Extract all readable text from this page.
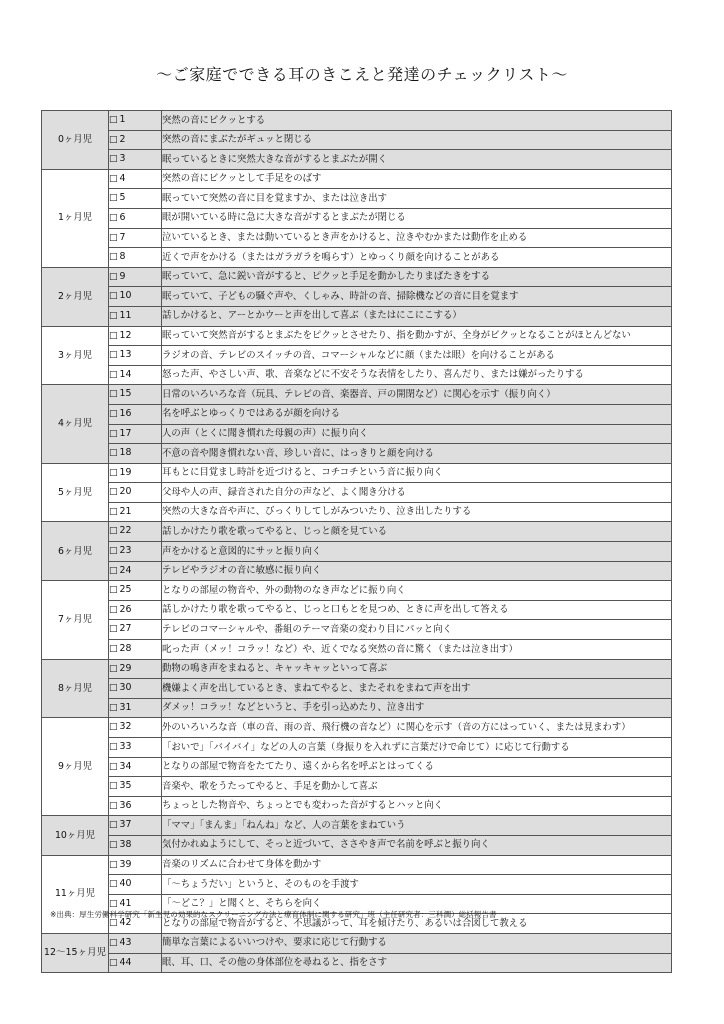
～ご家庭でできる耳のきこえと発達のチェックリスト～
0ヶ月児	□ 1	突然の音にビクッとする
	□ 2	突然の音にまぶたがギュッと閉じる
	□ 3	眠っているときに突然大きな音がするとまぶたが開く
1ヶ月児	□ 4	突然の音にビクッとして手足をのばす
	□ 5	眠っていて突然の音に目を覚ますか、または泣き出す
	□ 6	眼が開いている時に急に大きな音がするとまぶたが閉じる
	□ 7	泣いているとき、または動いているとき声をかけると、泣きやむかまたは動作を止める
	□ 8	近くで声をかける（またはガラガラを鳴らす）とゆっくり顔を向けることがある
2ヶ月児	□ 9	眠っていて、急に鋭い音がすると、ピクッと手足を動かしたりまばたきをする
	□ 10	眠っていて、子どもの騒ぐ声や、くしゃみ、時計の音、掃除機などの音に目を覚ます
	□ 11	話しかけると、アーとかウーと声を出して喜ぶ（またはにこにこする）
3ヶ月児	□ 12	眠っていて突然音がするとまぶたをピクッとさせたり、指を動かすが、全身がビクッとなることがほとんどない
	□ 13	ラジオの音、テレビのスイッチの音、コマーシャルなどに顔（または眼）を向けることがある
	□ 14	怒った声、やさしい声、歌、音楽などに不安そうな表情をしたり、喜んだり、または嫌がったりする
4ヶ月児	□ 15	日常のいろいろな音（玩具、テレビの音、楽器音、戸の開閉など）に関心を示す（振り向く）
	□ 16	名を呼ぶとゆっくりではあるが顔を向ける
	□ 17	人の声（とくに聞き慣れた母親の声）に振り向く
	□ 18	不意の音や聞き慣れない音、珍しい音に、はっきりと顔を向ける
5ヶ月児	□ 19	耳もとに目覚まし時計を近づけると、コチコチという音に振り向く
	□ 20	父母や人の声、録音された自分の声など、よく聞き分ける
	□ 21	突然の大きな音や声に、びっくりしてしがみついたり、泣き出したりする
6ヶ月児	□ 22	話しかけたり歌を歌ってやると、じっと顔を見ている
	□ 23	声をかけると意図的にサッと振り向く
	□ 24	テレビやラジオの音に敏感に振り向く
7ヶ月児	□ 25	となりの部屋の物音や、外の動物のなき声などに振り向く
	□ 26	話しかけたり歌を歌ってやると、じっと口もとを見つめ、ときに声を出して答える
	□ 27	テレビのコマーシャルや、番組のテーマ音楽の変わり目にパッと向く
	□ 28	叱った声（メッ！コラッ！など）や、近くでなる突然の音に驚く（または泣き出す）
8ヶ月児	□ 29	動物の鳴き声をまねると、キャッキャッといって喜ぶ
	□ 30	機嫌よく声を出しているとき、まねてやると、またそれをまねて声を出す
	□ 31	ダメッ！コラッ！などというと、手を引っ込めたり、泣き出す
9ヶ月児	□ 32	外のいろいろな音（車の音、雨の音、飛行機の音など）に関心を示す（音の方にはっていく、または見まわす）
	□ 33	「おいで」「バイバイ」などの人の言葉（身振りを入れずに言葉だけで命じて）に応じて行動する
	□ 34	となりの部屋で物音をたてたり、遠くから名を呼ぶとはってくる
	□ 35	音楽や、歌をうたってやると、手足を動かして喜ぶ
	□ 36	ちょっとした物音や、ちょっとでも変わった音がするとハッと向く
10ヶ月児	□ 37	「ママ」「まんま」「ねんね」など、人の言葉をまねていう
	□ 38	気付かれぬようにして、そっと近づいて、ささやき声で名前を呼ぶと振り向く
11ヶ月児	□ 39	音楽のリズムに合わせて身体を動かす
	□ 40	「～ちょうだい」というと、そのものを手渡す
	□ 41	「～どこ？」と聞くと、そちらを向く
	□ 42	となりの部屋で物音がすると、不思議がって、耳を傾けたり、あるいは合図して教える
12～15ヶ月児	□ 43	簡単な言葉によるいいつけや、要求に応じて行動する
	□ 44	眼、耳、口、その他の身体部位を尋ねると、指をさす
※出典：厚生労働科学研究「新生児の効果的なスクリーニング方法と療育体制に関する研究」班（主任研究者：三科潤）総括報告書
